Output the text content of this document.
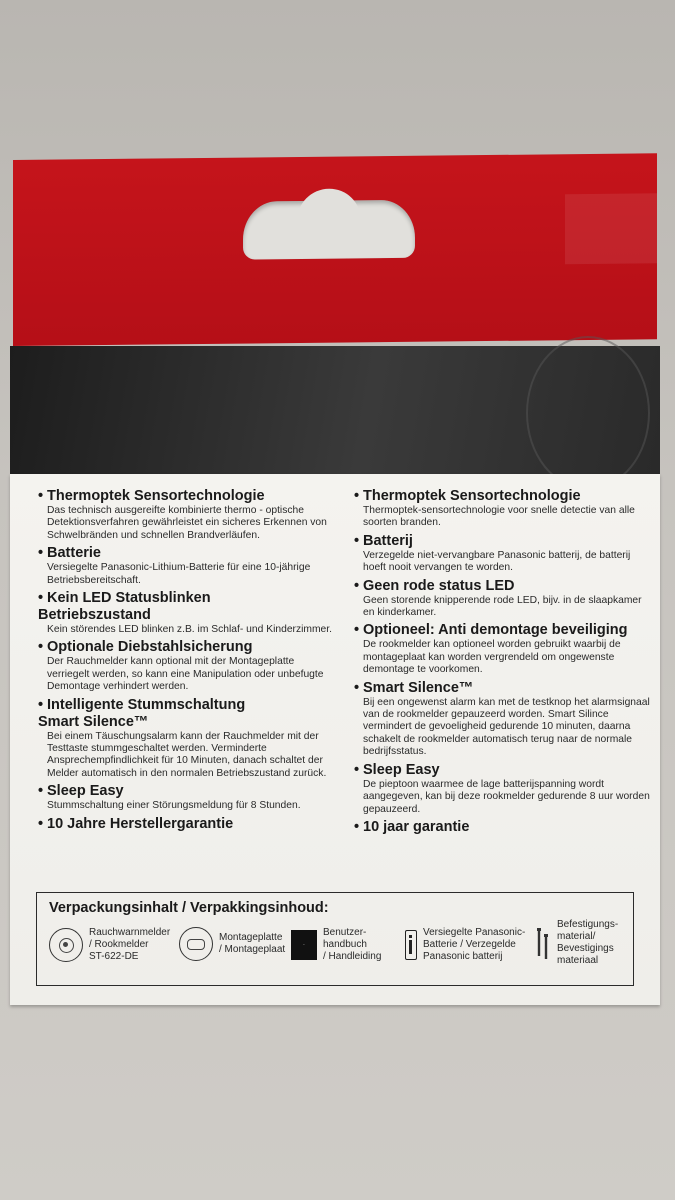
• Thermoptek Sensortechnologie

Das technisch ausgereifte kombinierte thermo - optische Detektionsverfahren gewährleistet ein sicheres Erkennen von Schwelbränden und schnellen Brandverläufen.

• Batterie

Versiegelte Panasonic-Lithium-Batterie für eine 10-jährige Betriebsbereitschaft.

• Kein LED Statusblinken
Betriebszustand

Kein störendes LED blinken z.B. im Schlaf- und Kinderzimmer.

• Optionale Diebstahlsicherung

Der Rauchmelder kann optional mit der Montageplatte verriegelt werden, so kann eine Manipulation oder unbefugte Demontage verhindert werden.

• Intelligente Stummschaltung
Smart Silence™

Bei einem Täuschungsalarm kann der Rauchmelder mit der Testtaste stummgeschaltet werden. Verminderte Ansprechempfindlichkeit für 10 Minuten, danach schaltet der Melder automatisch in den normalen Betriebszustand zurück.

• Sleep Easy

Stummschaltung einer Störungsmeldung für 8 Stunden.

• 10 Jahre Herstellergarantie
• Thermoptek Sensortechnologie

Thermoptek-sensortechnologie voor snelle detectie van alle soorten branden.

• Batterij

Verzegelde niet-vervangbare Panasonic batterij, de batterij hoeft nooit vervangen te worden.

• Geen rode status LED

Geen storende knipperende rode LED, bijv. in de slaapkamer en kinderkamer.

• Optioneel: Anti demontage beveiliging

De rookmelder kan optioneel worden gebruikt waarbij de montageplaat kan worden vergrendeld om ongewenste demontage te voorkomen.

• Smart Silence™

Bij een ongewenst alarm kan met de testknop het alarmsignaal van de rookmelder gepauzeerd worden. Smart Silince vermindert de gevoeligheid gedurende 10 minuten, daarna schakelt de rookmelder automatisch terug naar de normale bedrijfsstatus.

• Sleep Easy

De pieptoon waarmee de lage batterijspanning wordt aangegeven, kan bij deze rookmelder gedurende 8 uur worden gepauzeerd.

• 10 jaar garantie
Verpackungsinhalt / Verpakkingsinhoud:
Rauchwarnmelder
/ Rookmelder
ST-622-DE
Montageplatte
/ Montageplaat	·
Benutzer-
handbuch
/ Handleiding
Versiegelte Panasonic-
Batterie / Verzegelde
Panasonic batterij
Befestigungs-
material/
Bevestigings
materiaal
